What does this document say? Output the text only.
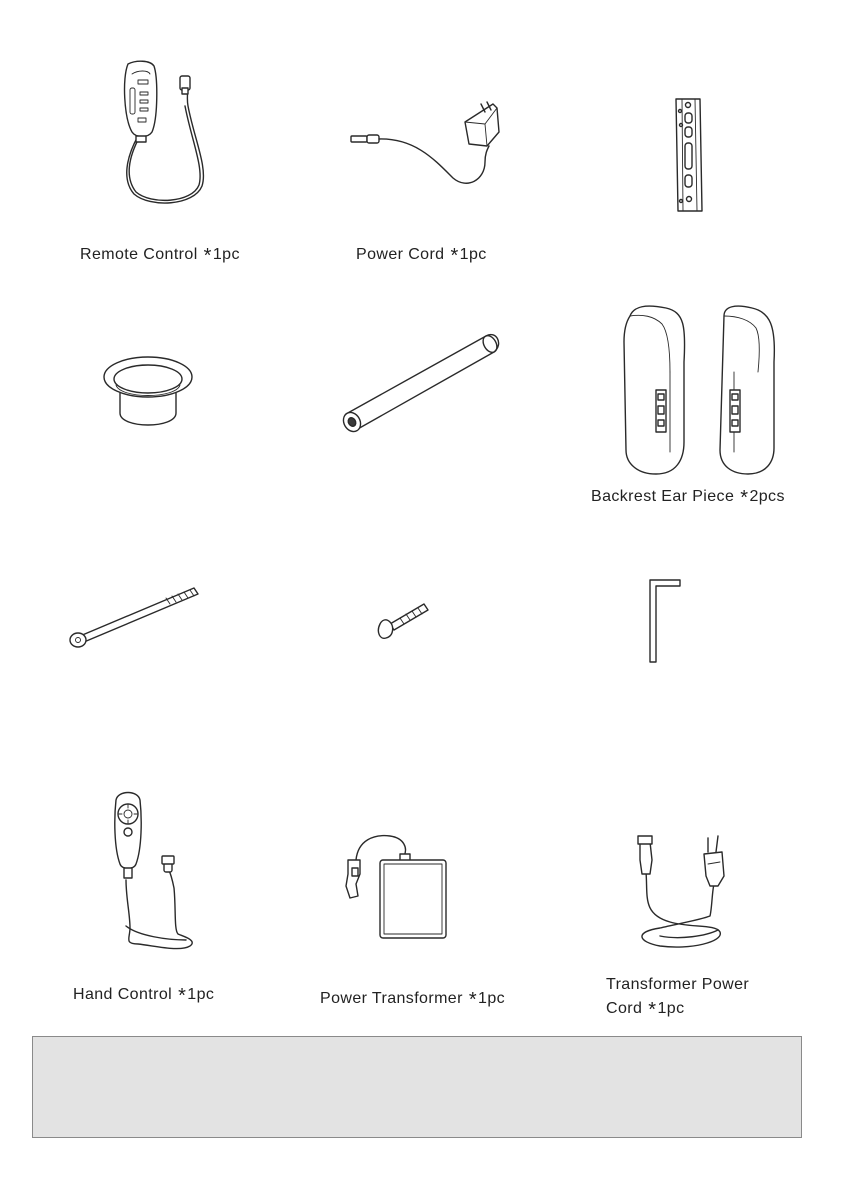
Remote Control *1pc	Power Cord *1pc
Backrest Ear Piece *2pcs
Hand Control *1pc	Power Transformer *1pc
Transformer Power
Cord *1pc
